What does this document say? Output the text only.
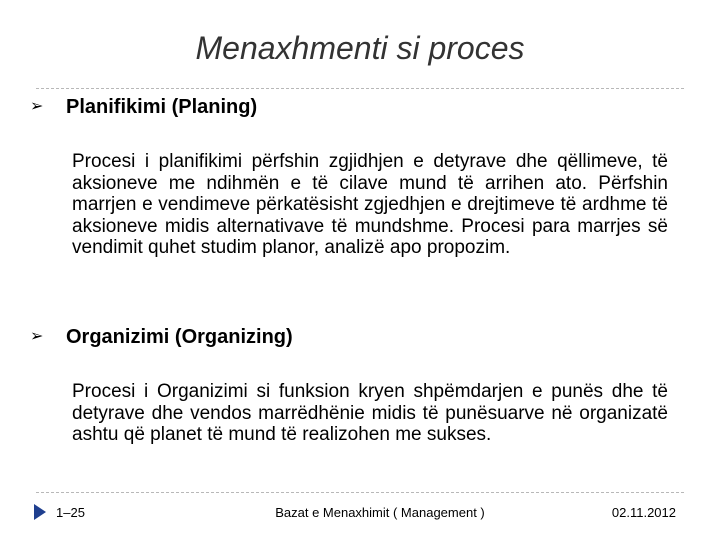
Menaxhmenti si proces
➢ Planifikimi (Planing)
Procesi i planifikimi përfshin zgjidhjen e detyrave dhe qëllimeve, të aksioneve me ndihmën e të cilave mund të arrihen ato. Përfshin marrjen e vendimeve përkatësisht zgjedhjen e drejtimeve të ardhme të aksioneve midis alternativave të mundshme. Procesi para marrjes së vendimit quhet studim planor, analizë apo propozim.
➢ Organizimi (Organizing)
Procesi i Organizimi si funksion kryen shpëmdarjen e punës dhe të detyrave dhe vendos marrëdhënie midis të punësuarve në organizatë ashtu që planet të mund të realizohen me sukses.
1–25	Bazat e Menaxhimit ( Management )	02.11.2012
